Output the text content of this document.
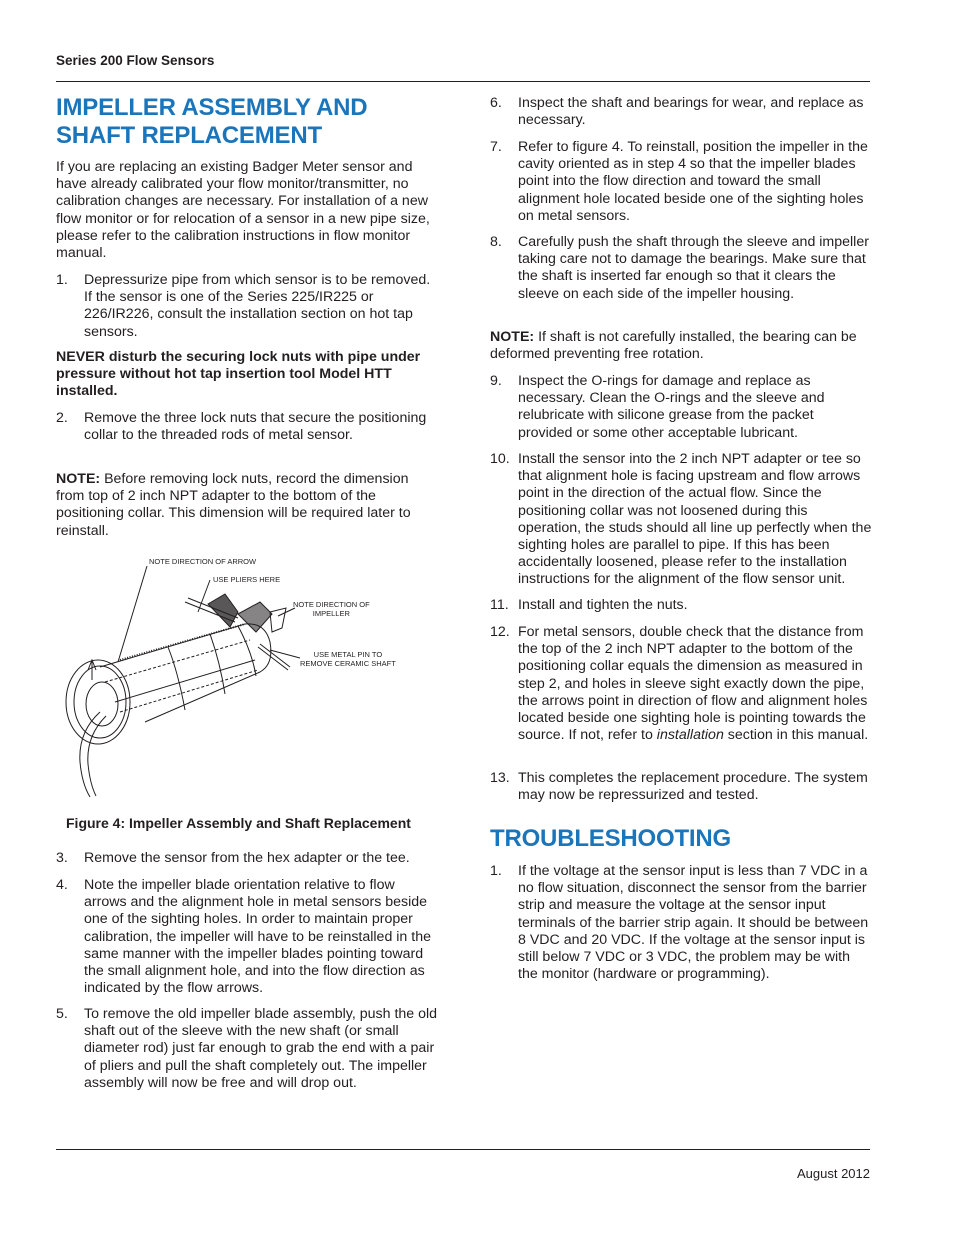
Series 200 Flow Sensors
IMPELLER ASSEMBLY AND SHAFT REPLACEMENT

If you are replacing an existing Badger Meter sensor and have already calibrated your flow monitor/transmitter, no calibration changes are necessary. For installation of a new flow monitor or for relocation of a sensor in a new pipe size, please refer to the calibration instructions in flow monitor manual.

1.	Depressurize pipe from which sensor is to be removed. If the sensor is one of the Series 225/IR225 or 226/IR226, consult the installation section on hot tap sensors.

NEVER disturb the securing lock nuts with pipe under pressure without hot tap insertion tool Model HTT installed.

2.	Remove the three lock nuts that secure the positioning collar to the threaded rods of metal sensor.

NOTE: Before removing lock nuts, record the dimension from top of 2 inch NPT adapter to the bottom of the positioning collar. This dimension will be required later to reinstall.

Figure 4: Impeller Assembly and Shaft Replacement
3.	Remove the sensor from the hex adapter or the tee.
4.	Note the impeller blade orientation relative to flow arrows and the alignment hole in metal sensors beside one of the sighting holes. In order to maintain proper calibration, the impeller will have to be reinstalled in the same manner with the impeller blades pointing toward the small alignment hole, and into the flow direction as indicated by the flow arrows.
5.	To remove the old impeller blade assembly, push the old shaft out of the sleeve with the new shaft (or small diameter rod) just far enough to grab the end with a pair of pliers and pull the shaft completely out. The impeller assembly will now be free and will drop out.
NOTE DIRECTION OF ARROW
USE PLIERS HERE
NOTE DIRECTION OF
IMPELLER
USE METAL PIN TO
REMOVE CERAMIC SHAFT
6.	Inspect the shaft and bearings for wear, and replace as necessary.
7.	Refer to figure 4. To reinstall, position the impeller in the cavity oriented as in step 4 so that the impeller blades point into the flow direction and toward the small alignment hole located beside one of the sighting holes on metal sensors.
8.	Carefully push the shaft through the sleeve and impeller taking care not to damage the bearings. Make sure that the shaft is inserted far enough so that it clears the sleeve on each side of the impeller housing.

NOTE: If shaft is not carefully installed, the bearing can be deformed preventing free rotation.

9.	Inspect the O-rings for damage and replace as necessary. Clean the O-rings and the sleeve and relubricate with silicone grease from the packet provided or some other acceptable lubricant.
10. Install the sensor into the 2 inch NPT adapter or tee so that alignment hole is facing upstream and flow arrows point in the direction of the actual flow. Since the positioning collar was not loosened during this operation, the studs should all line up perfectly when the sighting holes are parallel to pipe. If this has been accidentally loosened, please refer to the installation instructions for the alignment of the flow sensor unit.
11. Install and tighten the nuts.
12. For metal sensors, double check that the distance from the top of the 2 inch NPT adapter to the bottom of the positioning collar equals the dimension as measured in step 2, and holes in sleeve sight exactly down the pipe, the arrows point in direction of flow and alignment holes located beside one sighting hole is pointing towards the source. If not, refer to installation section in this manual.
13. This completes the replacement procedure. The system may now be repressurized and tested.
TROUBLESHOOTING
1.	If the voltage at the sensor input is less than 7 VDC in a no flow situation, disconnect the sensor from the barrier strip and measure the voltage at the sensor input terminals of the barrier strip again. It should be between 8 VDC and 20 VDC. If the voltage at the sensor input is still below 7 VDC or 3 VDC, the problem may be with the monitor (hardware or programming).
August 2012
